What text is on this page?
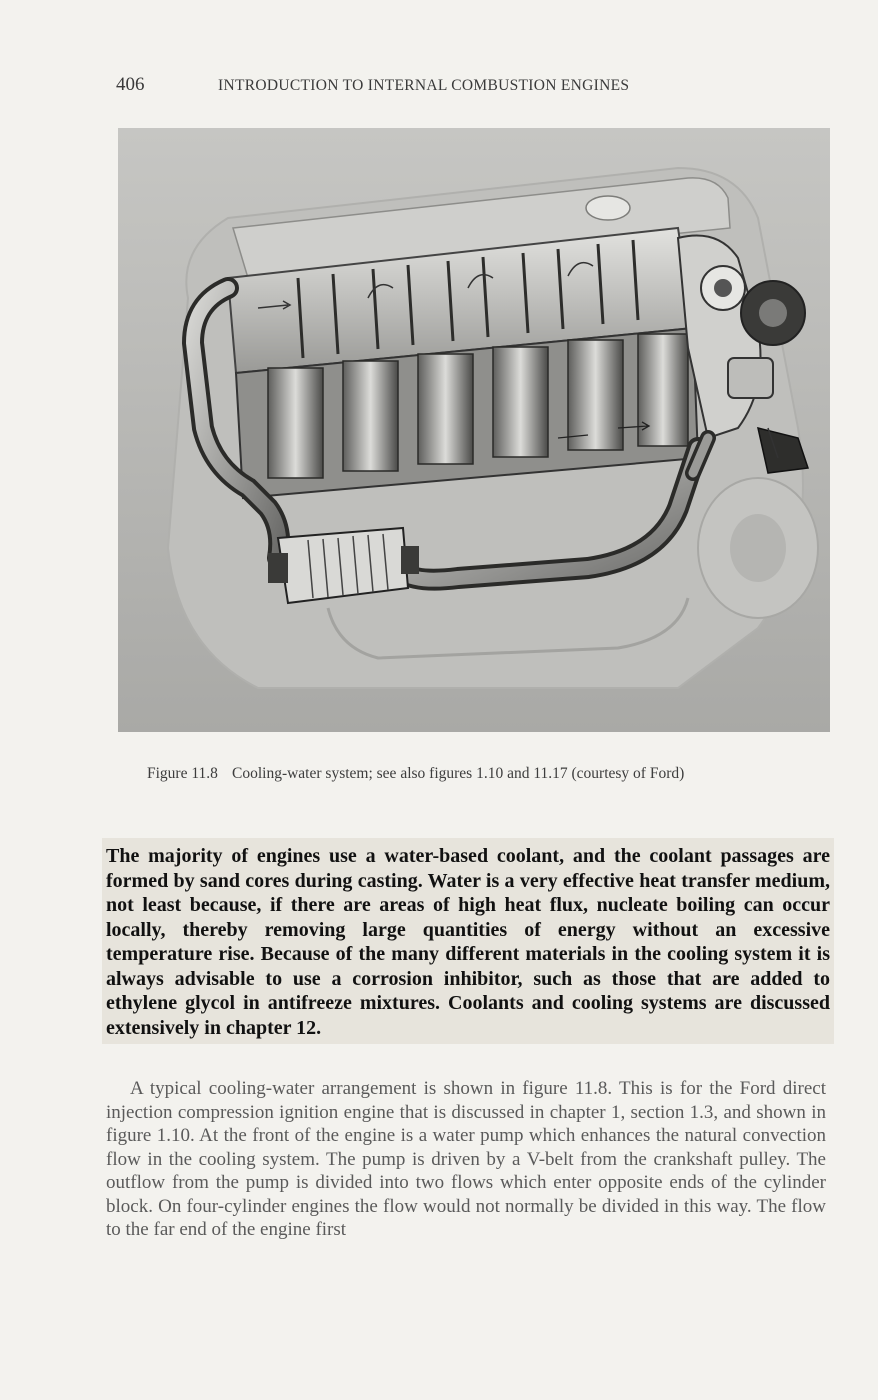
406	INTRODUCTION TO INTERNAL COMBUSTION ENGINES
Figure 11.8 Cooling-water system; see also figures 1.10 and 11.17 (courtesy of Ford)
The majority of engines use a water-based coolant, and the coolant passages are formed by sand cores during casting. Water is a very effective heat transfer medium, not least because, if there are areas of high heat flux, nucleate boiling can occur locally, thereby removing large quantities of energy without an excessive temperature rise. Because of the many different materials in the cooling system it is always advisable to use a corrosion inhibitor, such as those that are added to ethylene glycol in antifreeze mixtures. Coolants and cooling systems are discussed extensively in chapter 12.
A typical cooling-water arrangement is shown in figure 11.8. This is for the Ford direct injection compression ignition engine that is discussed in chapter 1, section 1.3, and shown in figure 1.10. At the front of the engine is a water pump which enhances the natural convection flow in the cooling system. The pump is driven by a V-belt from the crankshaft pulley. The outflow from the pump is divided into two flows which enter opposite ends of the cylinder block. On four-cylinder engines the flow would not normally be divided in this way. The flow to the far end of the engine first
